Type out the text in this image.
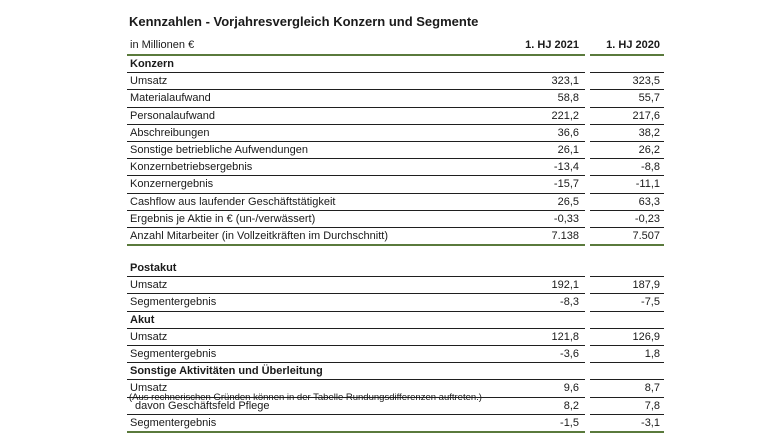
Kennzahlen - Vorjahresvergleich Konzern und Segmente
in Millionen €	1. HJ 2021 1. HJ 2020
Konzern
Umsatz	323,1	323,5
Materialaufwand	58,8	55,7
Personalaufwand	221,2	217,6
Abschreibungen	36,6	38,2
Sonstige betriebliche Aufwendungen	26,1	26,2
Konzernbetriebsergebnis	-13,4	-8,8
Konzernergebnis	-15,7	-11,1
Cashflow aus laufender Geschäftstätigkeit	26,5	63,3
Ergebnis je Aktie in € (un-/verwässert)	-0,33	-0,23
Anzahl Mitarbeiter (in Vollzeitkräften im Durchschnitt)	7.138	7.507
Postakut
Umsatz	192,1	187,9
Segmentergebnis	-8,3	-7,5
Akut
Umsatz	121,8	126,9
Segmentergebnis	-3,6	1,8
Sonstige Aktivitäten und Überleitung
Umsatz	9,6	8,7
davon Geschäftsfeld Pflege	8,2	7,8
Segmentergebnis	-1,5	-3,1
(Aus rechnerischen Gründen können in der Tabelle Rundungsdifferenzen auftreten.)
